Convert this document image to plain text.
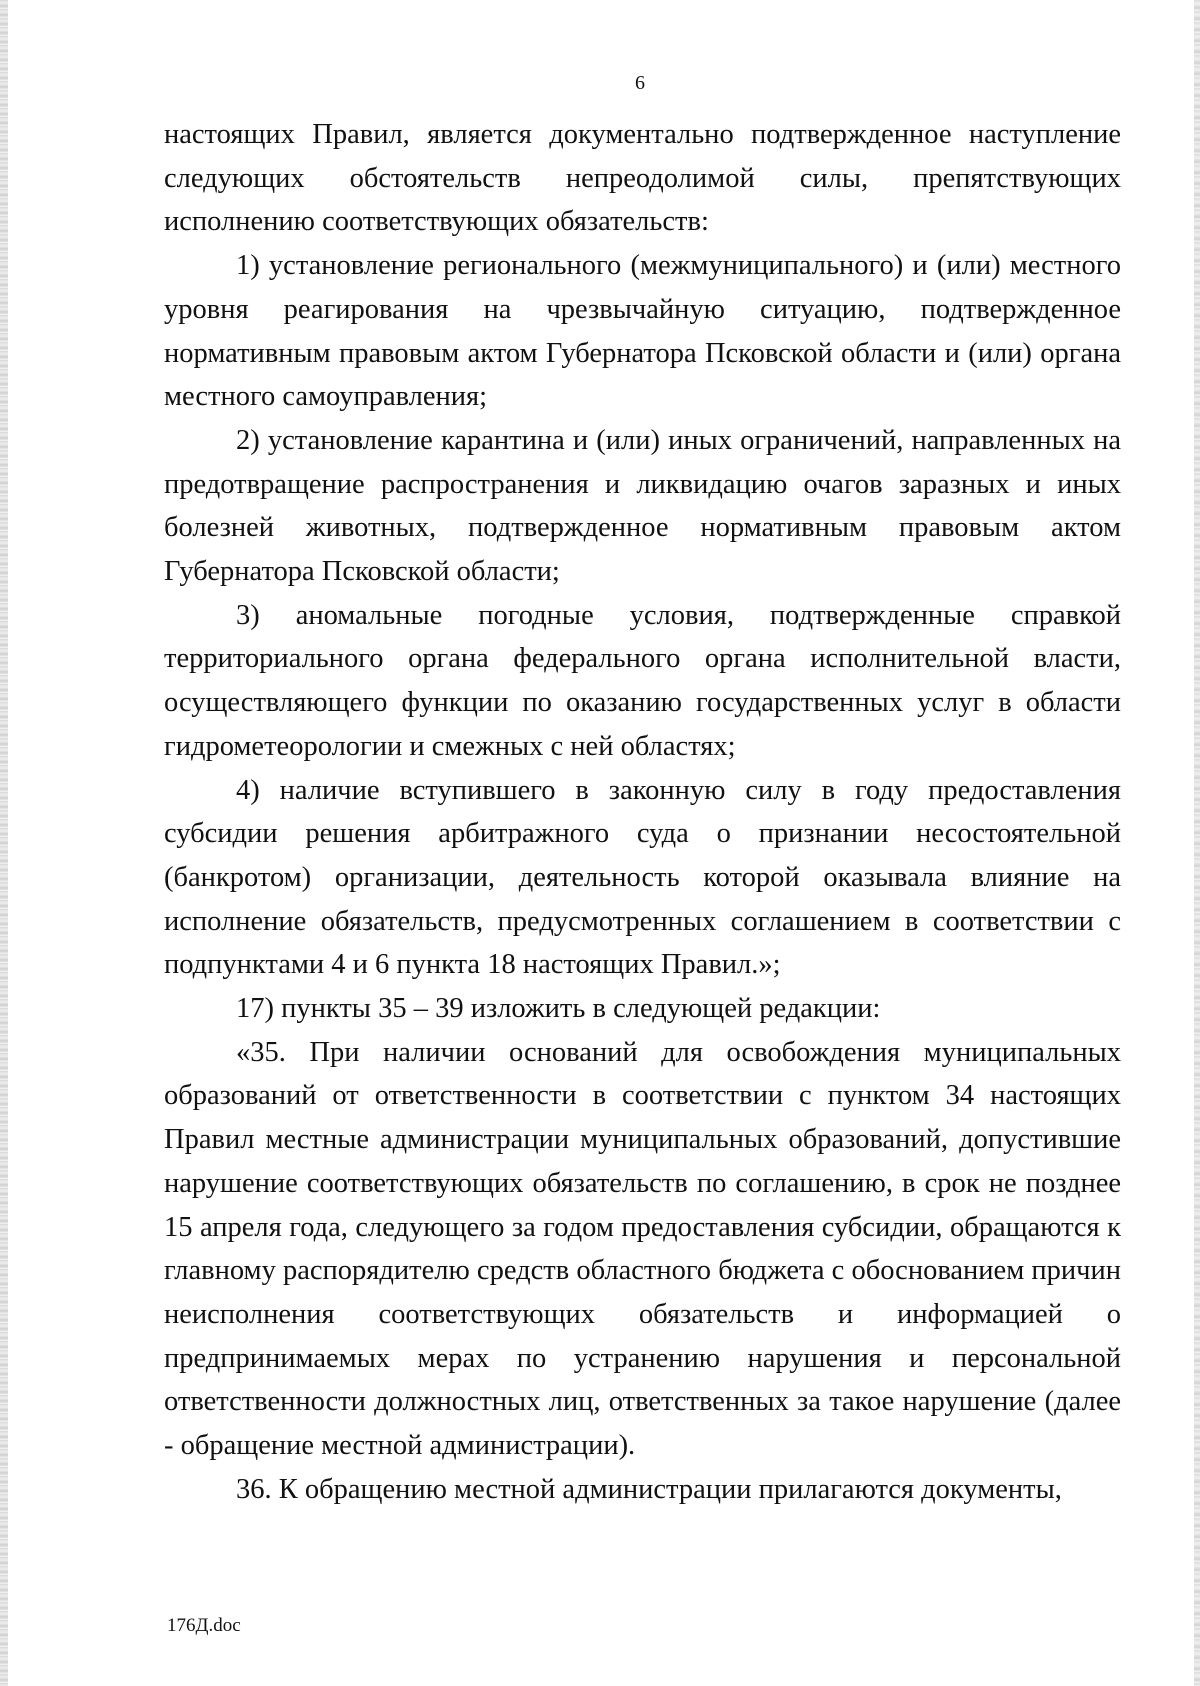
6

настоящих Правил, является документально подтвержденное наступление следующих обстоятельств непреодолимой силы, препятствующих исполнению соответствующих обязательств:

1) установление регионального (межмуниципального) и (или) местного уровня реагирования на чрезвычайную ситуацию, подтвержденное нормативным правовым актом Губернатора Псковской области и (или) органа местного самоуправления;

2) установление карантина и (или) иных ограничений, направленных на предотвращение распространения и ликвидацию очагов заразных и иных болезней животных, подтвержденное нормативным правовым актом Губернатора Псковской области;

3) аномальные погодные условия, подтвержденные справкой территориального органа федерального органа исполнительной власти, осуществляющего функции по оказанию государственных услуг в области гидрометеорологии и смежных с ней областях;

4) наличие вступившего в законную силу в году предоставления субсидии решения арбитражного суда о признании несостоятельной (банкротом) организации, деятельность которой оказывала влияние на исполнение обязательств, предусмотренных соглашением в соответствии с подпунктами 4 и 6 пункта 18 настоящих Правил.»;

17) пункты 35 – 39 изложить в следующей редакции:

«35. При наличии оснований для освобождения муниципальных образований от ответственности в соответствии с пунктом 34 настоящих Правил местные администрации муниципальных образований, допустившие нарушение соответствующих обязательств по соглашению, в срок не позднее 15 апреля года, следующего за годом предоставления субсидии, обращаются к главному распорядителю средств областного бюджета с обоснованием причин неисполнения соответствующих обязательств и информацией о предпринимаемых мерах по устранению нарушения и персональной ответственности должностных лиц, ответственных за такое нарушение (далее - обращение местной администрации).

36. К обращению местной администрации прилагаются документы,

176Д.doc
